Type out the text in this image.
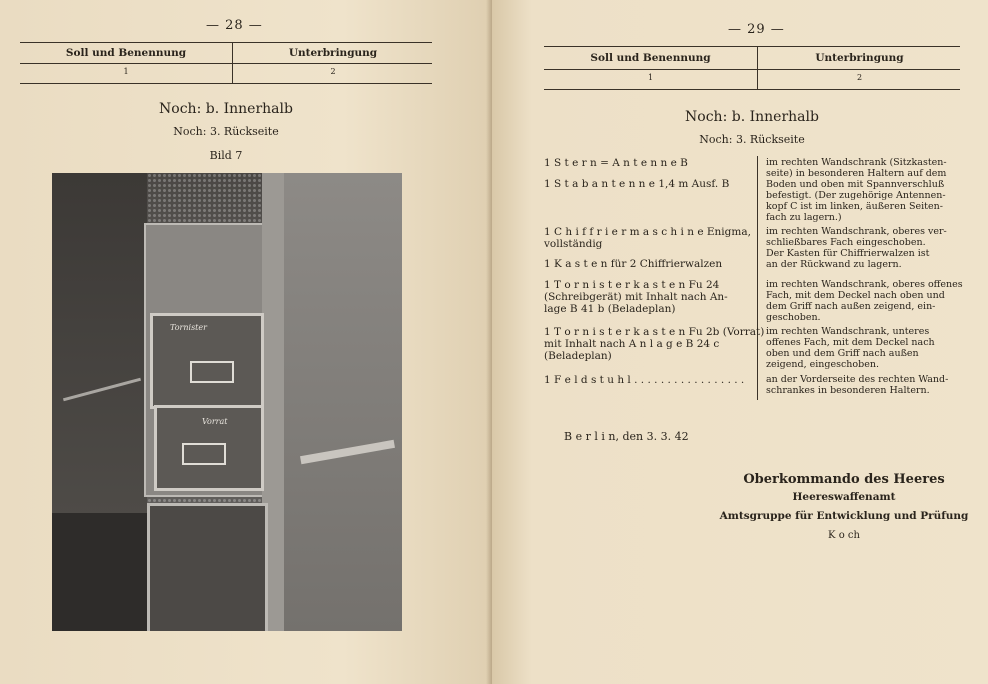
— 28 —
Soll und Benennung
1
Unterbringung
2
Noch: b. Innerhalb
Noch: 3. Rückseite
Bild 7
Tornister
Vorrat
— 29 —
Soll und Benennung
1
Unterbringung
2
Noch: b. Innerhalb
Noch: 3. Rückseite
1 S t e r n = A n t e n n e B
1 S t a b a n t e n n e 1,4 m Ausf. B
im rechten Wandschrank (Sitzkasten-
seite) in besonderen Haltern auf dem
Boden und oben mit Spannverschluß
befestigt. (Der zugehörige Antennen-
kopf C ist im linken, äußeren Seiten-
fach zu lagern.)
1 C h i f f r i e r m a s c h i n e Enigma,
vollständig
1 K a s t e n für 2 Chiffrierwalzen
im rechten Wandschrank, oberes ver-
schließbares Fach eingeschoben.
Der Kasten für Chiffrierwalzen ist
an der Rückwand zu lagern.
1 T o r n i s t e r k a s t e n Fu 24
(Schreibgerät) mit Inhalt nach An-
lage B 41 b (Beladeplan)
im rechten Wandschrank, oberes offenes
Fach, mit dem Deckel nach oben und
dem Griff nach außen zeigend, ein-
geschoben.
1 T o r n i s t e r k a s t e n Fu 2b (Vorrat)
mit Inhalt nach A n l a g e B 24 c
(Beladeplan)
im rechten Wandschrank, unteres
offenes Fach, mit dem Deckel nach
oben und dem Griff nach außen
zeigend, eingeschoben.
1 F e l d s t u h l . . . . . . . . . . . . . . . . . an der Vorderseite des rechten Wand-
schrankes in besonderen Haltern.
B e r l i n, den 3. 3. 42
Oberkommando des Heeres
Heereswaffenamt
Amtsgruppe für Entwicklung und Prüfung
K o ch
